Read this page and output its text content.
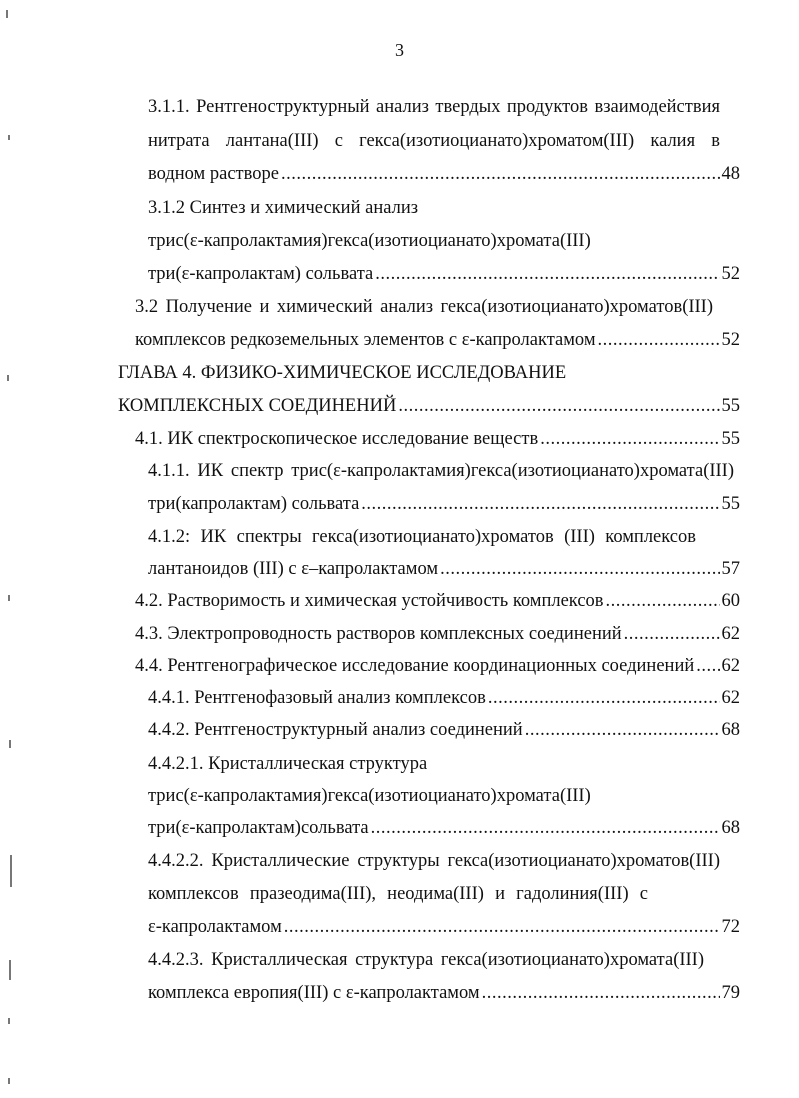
3
3.1.1. Рентгеноструктурный анализ твердых продуктов взаимодействия
нитрата лантана(III) с гекса(изотиоцианато)хроматом(III) калия в
водном растворе .....	48
3.1.2 Синтез и химический анализ
трис(ε-капролактамия)гекса(изотиоцианато)хромата(III)
три(ε-капролактам) сольвата .....	52
3.2 Получение и химический анализ гекса(изотиоцианато)хроматов(III)
комплексов редкоземельных элементов с ε-капролактамом .....	52
ГЛАВА 4. ФИЗИКО-ХИМИЧЕСКОЕ ИССЛЕДОВАНИЕ
КОМПЛЕКСНЫХ СОЕДИНЕНИЙ .....	55
4.1. ИК спектроскопическое исследование веществ .....	55
4.1.1. ИК спектр трис(ε-капролактамия)гекса(изотиоцианато)хромата(III)
три(капролактам) сольвата .....	55
4.1.2: ИК спектры гекса(изотиоцианато)хроматов (III) комплексов
лантаноидов (III) с ε–капролактамом .....	57
4.2. Растворимость и химическая устойчивость комплексов .....	60
4.3. Электропроводность растворов комплексных соединений .....	62
4.4. Рентгенографическое исследование координационных соединений ..... 62
4.4.1. Рентгенофазовый анализ комплексов .....	62
4.4.2. Рентгеноструктурный анализ соединений .....	68
4.4.2.1. Кристаллическая структура
трис(ε-капролактамия)гекса(изотиоцианато)хромата(III)
три(ε-капролактам)сольвата .....	68
4.4.2.2. Кристаллические структуры гекса(изотиоцианато)хроматов(III)
комплексов празеодима(III), неодима(III) и гадолиния(III) с
ε-капролактамом .....	72
4.4.2.3. Кристаллическая структура гекса(изотиоцианато)хромата(III)
комплекса европия(III) с ε-капролактамом .....	79
